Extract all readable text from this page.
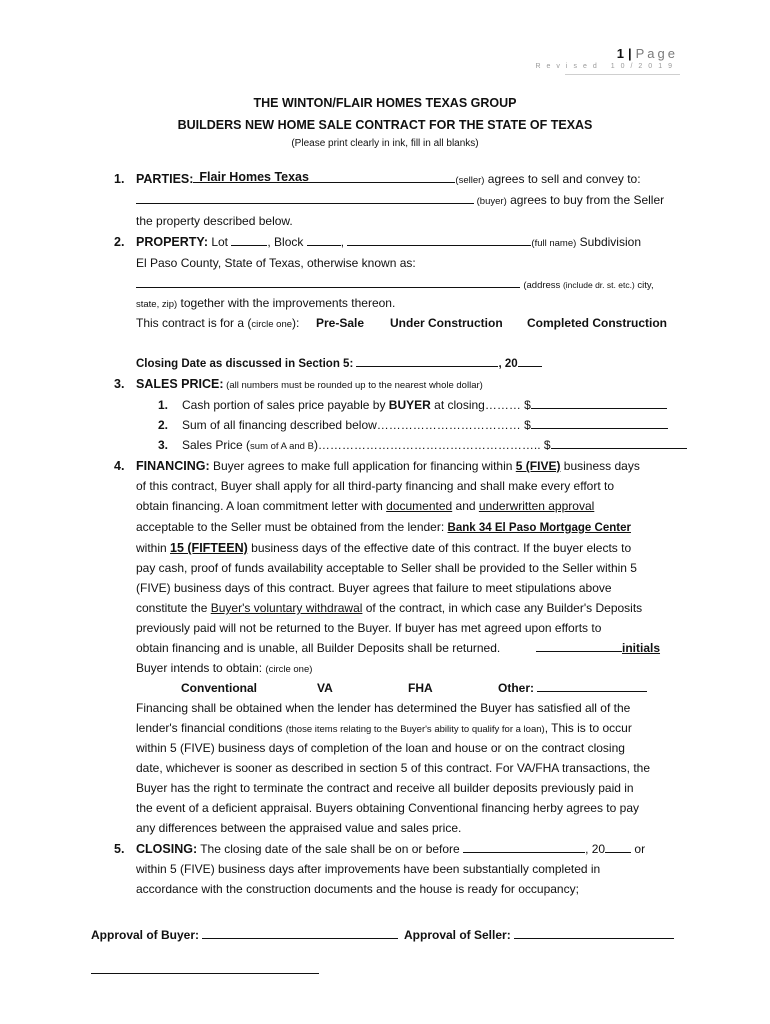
1 | Page
Revised 10/2019
THE WINTON/FLAIR HOMES TEXAS GROUP
BUILDERS NEW HOME SALE CONTRACT FOR THE STATE OF TEXAS
(Please print clearly in ink, fill in all blanks)
1. PARTIES: Flair Homes Texas	(seller) agrees to sell and convey to:
(buyer) agrees to buy from the Seller
the property described below.
2. PROPERTY: Lot	, Block	,	(full name) Subdivision
El Paso County, State of Texas, otherwise known as:
(address (include dr. st. etc.) city,
state, zip) together with the improvements thereon.
This contract is for a (circle one): Pre-Sale Under Construction Completed Construction
Closing Date as discussed in Section 5:	, 20
3. SALES PRICE: (all numbers must be rounded up to the nearest whole dollar)
1. Cash portion of sales price payable by BUYER at closing……… $
2. Sum of all financing described below……………………………… $
3. Sales Price (sum of A and B)……………………………………………….. $
4. FINANCING: Buyer agrees to make full application for financing within 5 (FIVE) business days
of this contract, Buyer shall apply for all third-party financing and shall make every effort to
obtain financing. A loan commitment letter with documented and underwritten approval
acceptable to the Seller must be obtained from the lender: Bank 34 El Paso Mortgage Center
within 15 (FIFTEEN) business days of the effective date of this contract. If the buyer elects to
pay cash, proof of funds availability acceptable to Seller shall be provided to the Seller within 5
(FIVE) business days of this contract. Buyer agrees that failure to meet stipulations above
constitute the Buyer's voluntary withdrawal of the contract, in which case any Builder's Deposits
previously paid will not be returned to the Buyer. If buyer has met agreed upon efforts to
obtain financing and is unable, all Builder Deposits shall be returned.	initials
Buyer intends to obtain: (circle one)
Conventional	VA	FHA	Other:
Financing shall be obtained when the lender has determined the Buyer has satisfied all of the
lender's financial conditions (those items relating to the Buyer's ability to qualify for a loan), This is to occur
within 5 (FIVE) business days of completion of the loan and house or on the contract closing
date, whichever is sooner as described in section 5 of this contract. For VA/FHA transactions, the
Buyer has the right to terminate the contract and receive all builder deposits previously paid in
the event of a deficient appraisal. Buyers obtaining Conventional financing herby agrees to pay
any differences between the appraised value and sales price.
5. CLOSING: The closing date of the sale shall be on or before	, 20 or
within 5 (FIVE) business days after improvements have been substantially completed in
accordance with the construction documents and the house is ready for occupancy;
Approval of Buyer:	Approval of Seller:
